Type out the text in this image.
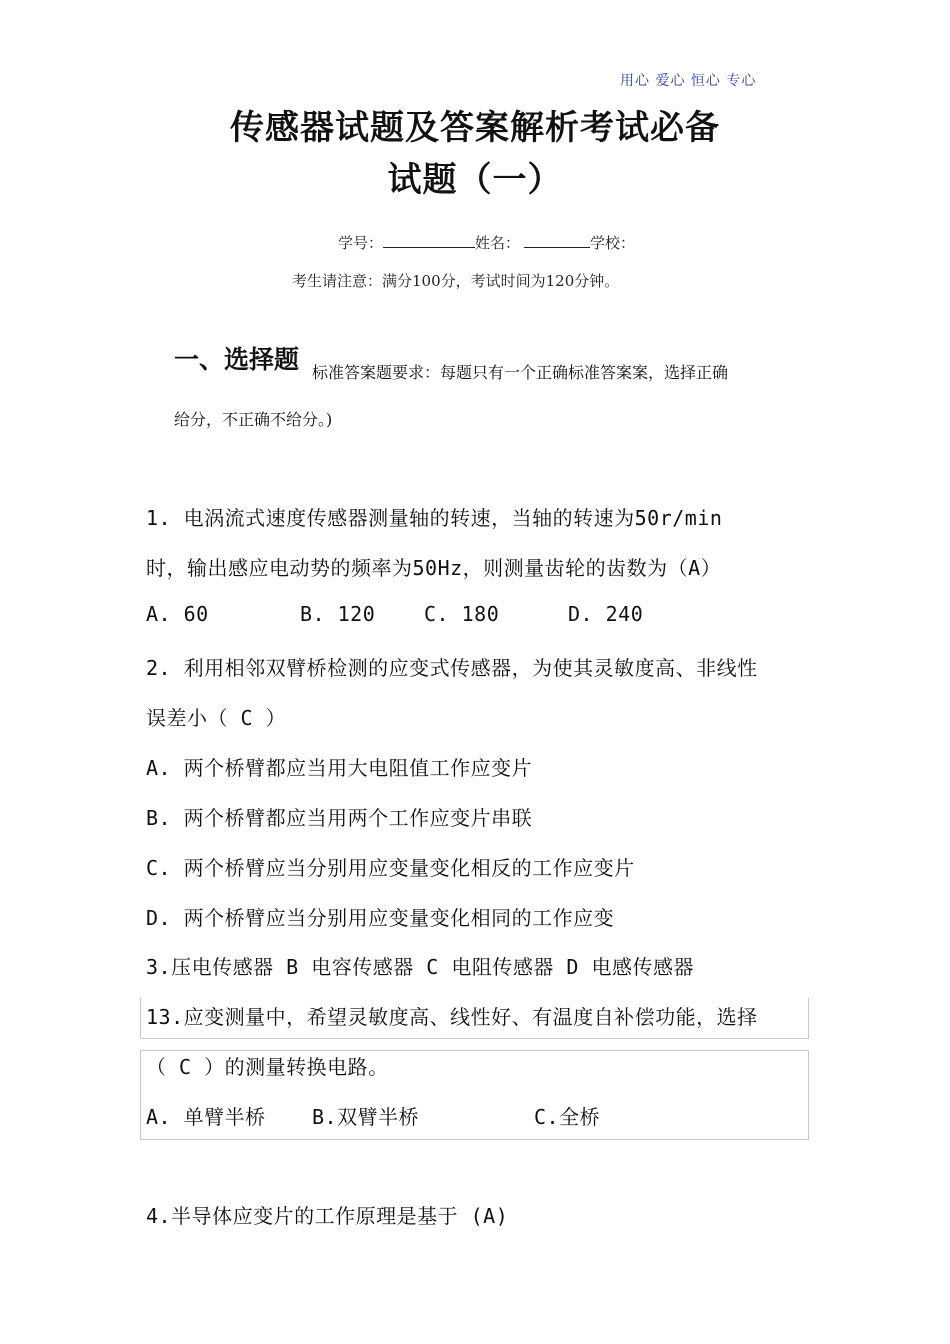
用心 爱心 恒心 专心
传感器试题及答案解析考试必备
试题（一）
学号：	姓名：	学校：
考生请注意：满分100分，考试时间为120分钟。
一、选择题 标准答案题要求：每题只有一个正确标准答案案，选择正确
给分，不正确不给分。)
1. 电涡流式速度传感器测量轴的转速，当轴的转速为50r/min
时，输出感应电动势的频率为50Hz，则测量齿轮的齿数为（A）
A. 60	B. 120 C. 180	D. 240
2. 利用相邻双臂桥检测的应变式传感器，为使其灵敏度高、非线性
误差小（ C ）
A. 两个桥臂都应当用大电阻值工作应变片
B. 两个桥臂都应当用两个工作应变片串联
C. 两个桥臂应当分别用应变量变化相反的工作应变片
D. 两个桥臂应当分别用应变量变化相同的工作应变
3.压电传感器 B 电容传感器 C 电阻传感器 D 电感传感器
13.应变测量中，希望灵敏度高、线性好、有温度自补偿功能，选择
（ C ）的测量转换电路。
A. 单臂半桥 B.双臂半桥	C.全桥
4.半导体应变片的工作原理是基于 (A)
